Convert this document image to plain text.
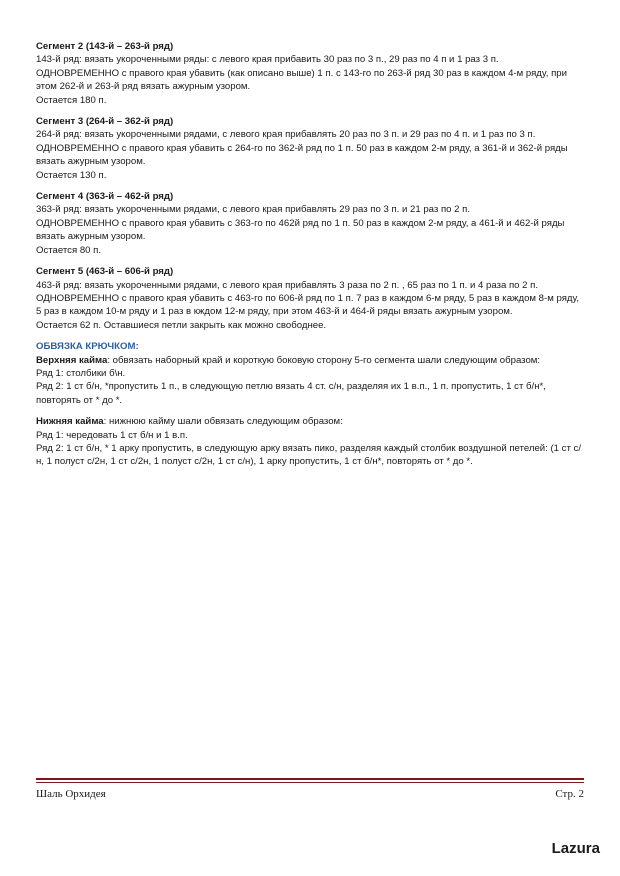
Сегмент 2 (143-й – 263-й ряд)

143-й ряд: вязать укороченными ряды: с левого края прибавить 30 раз по 3 п., 29 раз по 4 п и 1 раз 3 п.

ОДНОВРЕМЕННО с правого края убавить (как описано выше) 1 п. с 143-го по 263-й ряд 30 раз в каждом 4-м ряду, при этом 262-й и 263-й ряд вязать ажурным узором.

Остается 180 п.

Сегмент 3 (264-й – 362-й ряд)

264-й ряд: вязать укороченными рядами, с левого края прибавлять 20 раз по 3 п. и 29 раз по 4 п. и 1 раз по 3 п. ОДНОВРЕМЕННО с правого края убавить с 264-го по 362-й ряд по 1 п. 50 раз в каждом 2-м ряду, а 361-й и 362-й ряды вязать ажурным узором.

Остается 130 п.

Сегмент 4 (363-й – 462-й ряд)

363-й ряд: вязать укороченными рядами, с левого края прибавлять 29 раз по 3 п. и 21 раз по 2 п.

ОДНОВРЕМЕННО с правого края убавить с 363-го по 462й ряд по 1 п. 50 раз в каждом 2-м ряду, а 461-й и 462-й ряды вязать ажурным узором.

Остается 80 п.

Сегмент 5 (463-й – 606-й ряд)

463-й ряд: вязать укороченными рядами, с левого края прибавлять 3 раза по 2 п. , 65 раз по 1 п. и 4 раза по 2 п. ОДНОВРЕМЕННО с правого края убавить с 463-го по 606-й ряд по 1 п. 7 раз в каждом 6-м ряду, 5 раз в каждом 8-м ряду, 5 раз в каждом 10-м ряду и 1 раз в кждом 12-м ряду, при этом 463-й и 464-й ряды вязать ажурным узором.

Остается 62 п. Оставшиеся петли закрыть как можно свободнее.

ОБВЯЗКА КРЮЧКОМ:

Верхняя кайма: обвязать наборный край и короткую боковую сторону 5-го сегмента шали следующим образом:

Ряд 1: столбики б\н.

Ряд 2: 1 ст б/н, *пропустить 1 п., в следующую петлю вязать 4 ст. с/н, разделяя их 1 в.п., 1 п. пропустить, 1 ст б/н*, повторять от * до *.

Нижняя кайма: нижнюю кайму шали обвязать следующим образом:

Ряд 1: чередовать 1 ст б/н и 1 в.п.

Ряд 2: 1 ст б/н, * 1 арку пропустить, в следующую арку вязать пико, разделяя каждый столбик воздушной петелей: (1 ст с/н, 1 полуст с/2н, 1 ст с/2н, 1 полуст с/2н, 1 ст с/н), 1 арку пропустить, 1 ст б/н*, повторять от * до *.

Шаль Орхидея	Стр. 2
Lazura
